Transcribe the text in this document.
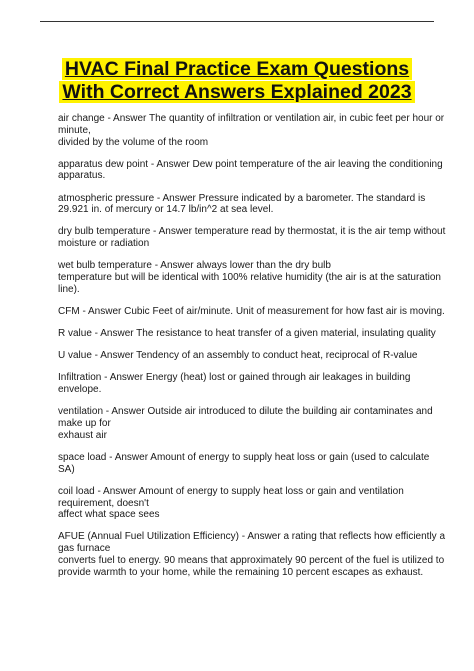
HVAC Final Practice Exam Questions
With Correct Answers Explained 2023
air change - Answer The quantity of infiltration or ventilation air, in cubic feet per hour or
minute,
divided by the volume of the room
apparatus dew point - Answer Dew point temperature of the air leaving the conditioning
apparatus.
atmospheric pressure - Answer Pressure indicated by a barometer. The standard is
29.921 in. of mercury or 14.7 lb/in^2 at sea level.
dry bulb temperature - Answer temperature read by thermostat, it is the air temp without
moisture or radiation
wet bulb temperature - Answer always lower than the dry bulb
temperature but will be identical with 100% relative humidity (the air is at the saturation
line).
CFM - Answer Cubic Feet of air/minute. Unit of measurement for how fast air is moving.
R value - Answer The resistance to heat transfer of a given material, insulating quality
U value - Answer Tendency of an assembly to conduct heat, reciprocal of R-value
Infiltration - Answer Energy (heat) lost or gained through air leakages in building
envelope.
ventilation - Answer Outside air introduced to dilute the building air contaminates and
make up for
exhaust air
space load - Answer Amount of energy to supply heat loss or gain (used to calculate
SA)
coil load - Answer Amount of energy to supply heat loss or gain and ventilation
requirement, doesn't
affect what space sees
AFUE (Annual Fuel Utilization Efficiency) - Answer a rating that reflects how efficiently a
gas furnace
converts fuel to energy. 90 means that approximately 90 percent of the fuel is utilized to
provide warmth to your home, while the remaining 10 percent escapes as exhaust.
